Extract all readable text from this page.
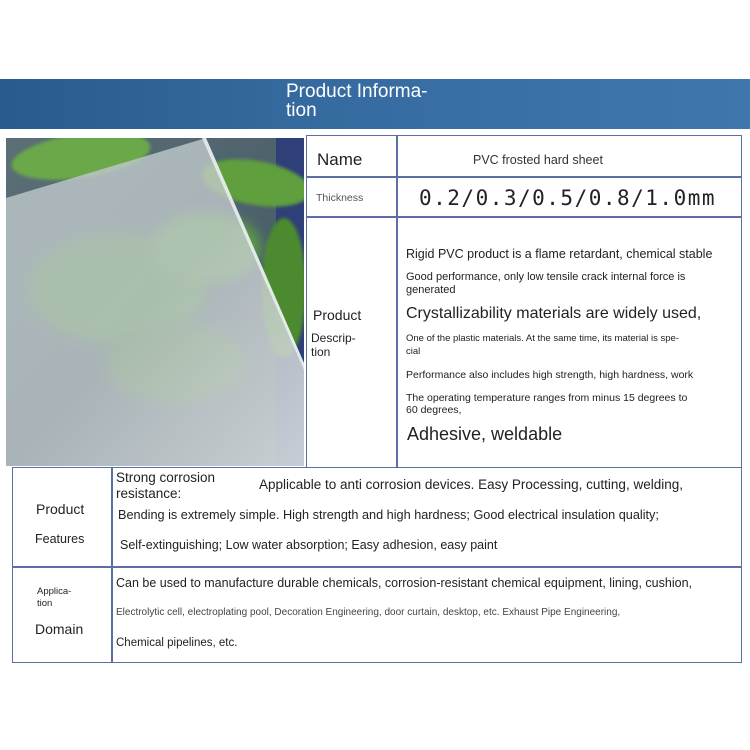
Product Informa-
tion
Name	PVC frosted hard sheet
Thickness	0.2/0.3/0.5/0.8/1.0mm
Product
Descrip-
tion
Rigid PVC product is a flame retardant, chemical stable
Good performance, only low tensile crack internal force is
generated
Crystallizability materials are widely used,
One of the plastic materials. At the same time, its material is spe-
cial
Performance also includes high strength, high hardness, work
The operating temperature ranges from minus 15 degrees to
60 degrees,
Adhesive, weldable
Product
Features
Strong corrosion
resistance:
Applicable to anti corrosion devices. Easy Processing, cutting, welding,
Bending is extremely simple. High strength and high hardness; Good electrical insulation quality;
Self-extinguishing; Low water absorption; Easy adhesion, easy paint
Applica-
tion
Domain
Can be used to manufacture durable chemicals, corrosion-resistant chemical equipment, lining, cushion,
Electrolytic cell, electroplating pool, Decoration Engineering, door curtain, desktop, etc. Exhaust Pipe Engineering,
Chemical pipelines, etc.
